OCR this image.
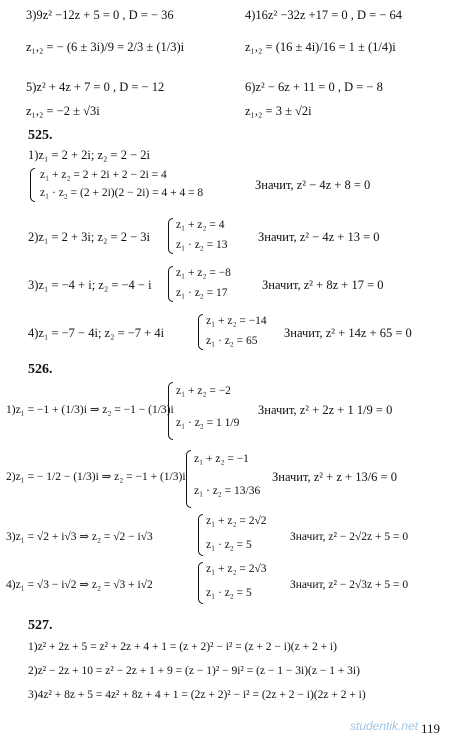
3)9z² −12z + 5 = 0 , D = − 36	4)16z² −32z +17 = 0 , D = − 64
z₁,₂ = − (6 ± 3i)/9 = 2/3 ± (1/3)i	z₁,₂ = (16 ± 4i)/16 = 1 ± (1/4)i
5)z² + 4z + 7 = 0 , D = − 12	6)z² − 6z + 11 = 0 , D = − 8
z₁,₂ = −2 ± √3i	z₁,₂ = 3 ± √2i
525.
1)z₁ = 2 + 2i; z₂ = 2 − 2i
z₁ + z₂ = 2 + 2i + 2 − 2i = 4
z₁ · z₂ = (2 + 2i)(2 − 2i) = 4 + 4 = 8
Значит, z² − 4z + 8 = 0
2)z₁ = 2 + 3i; z₂ = 2 − 3i
z₁ + z₂ = 4
z₁ · z₂ = 13
Значит, z² − 4z + 13 = 0
3)z₁ = −4 + i; z₂ = −4 − i
z₁ + z₂ = −8
z₁ · z₂ = 17
Значит, z² + 8z + 17 = 0
4)z₁ = −7 − 4i; z₂ = −7 + 4i
z₁ + z₂ = −14
z₁ · z₂ = 65
Значит, z² + 14z + 65 = 0
526.
1)z₁ = −1 + (1/3)i ⇒ z₂ = −1 − (1/3)i
z₁ + z₂ = −2
z₁ · z₂ = 1 1/9
Значит, z² + 2z + 1 1/9 = 0
2)z₁ = − 1/2 − (1/3)i ⇒ z₂ = −1 + (1/3)i
z₁ + z₂ = −1
z₁ · z₂ = 13/36
Значит, z² + z + 13/6 = 0
3)z₁ = √2 + i√3 ⇒ z₂ = √2 − i√3
z₁ + z₂ = 2√2
z₁ · z₂ = 5
Значит, z² − 2√2z + 5 = 0
4)z₁ = √3 − i√2 ⇒ z₂ = √3 + i√2
z₁ + z₂ = 2√3
z₁ · z₂ = 5
Значит, z² − 2√3z + 5 = 0
527.
1)z² + 2z + 5 = z² + 2z + 4 + 1 = (z + 2)² − i² = (z + 2 − i)(z + 2 + i)
2)z² − 2z + 10 = z² − 2z + 1 + 9 = (z − 1)² − 9i² = (z − 1 − 3i)(z − 1 + 3i)
3)4z² + 8z + 5 = 4z² + 8z + 4 + 1 = (2z + 2)² − i² = (2z + 2 − i)(2z + 2 + i)
studentik.net 119
